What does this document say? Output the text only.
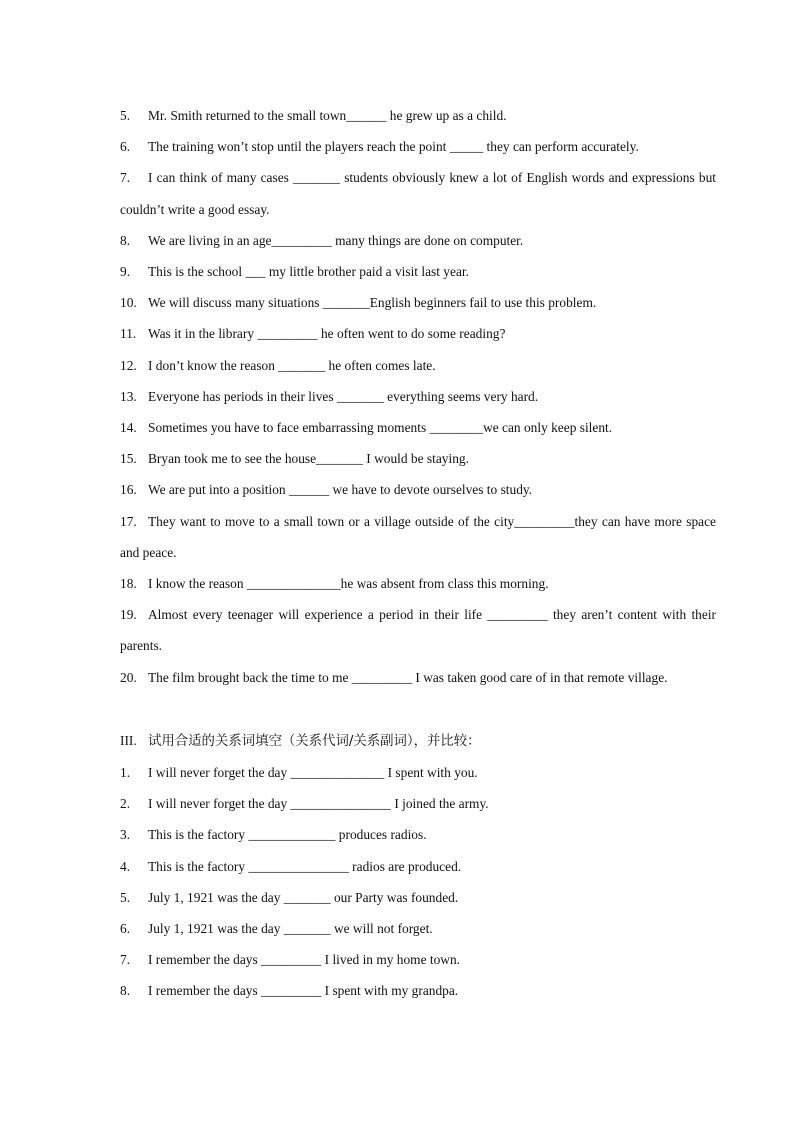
5. Mr. Smith returned to the small town______ he grew up as a child.

6. The training won’t stop until the players reach the point _____ they can perform accurately.

7. I can think of many cases _______ students obviously knew a lot of English words and expressions but couldn’t write a good essay.

8. We are living in an age_________ many things are done on computer.

9. This is the school ___ my little brother paid a visit last year.

10. We will discuss many situations _______English beginners fail to use this problem.

11. Was it in the library _________ he often went to do some reading?

12. I don’t know the reason _______ he often comes late.

13. Everyone has periods in their lives _______ everything seems very hard.

14. Sometimes you have to face embarrassing moments ________we can only keep silent.

15. Bryan took me to see the house_______ I would be staying.

16. We are put into a position ______ we have to devote ourselves to study.

17. They want to move to a small town or a village outside of the city_________they can have more space and peace.

18. I know the reason ______________he was absent from class this morning.

19. Almost every teenager will experience a period in their life _________ they aren’t content with their parents.

20. The film brought back the time to me _________ I was taken good care of in that remote village.

III. 试用合适的关系词填空（关系代词/关系副词），并比较：

1. I will never forget the day ______________ I spent with you.

2. I will never forget the day _______________ I joined the army.

3. This is the factory _____________ produces radios.

4. This is the factory _______________ radios are produced.

5. July 1, 1921 was the day _______ our Party was founded.

6. July 1, 1921 was the day _______ we will not forget.

7. I remember the days _________ I lived in my home town.

8. I remember the days _________ I spent with my grandpa.
